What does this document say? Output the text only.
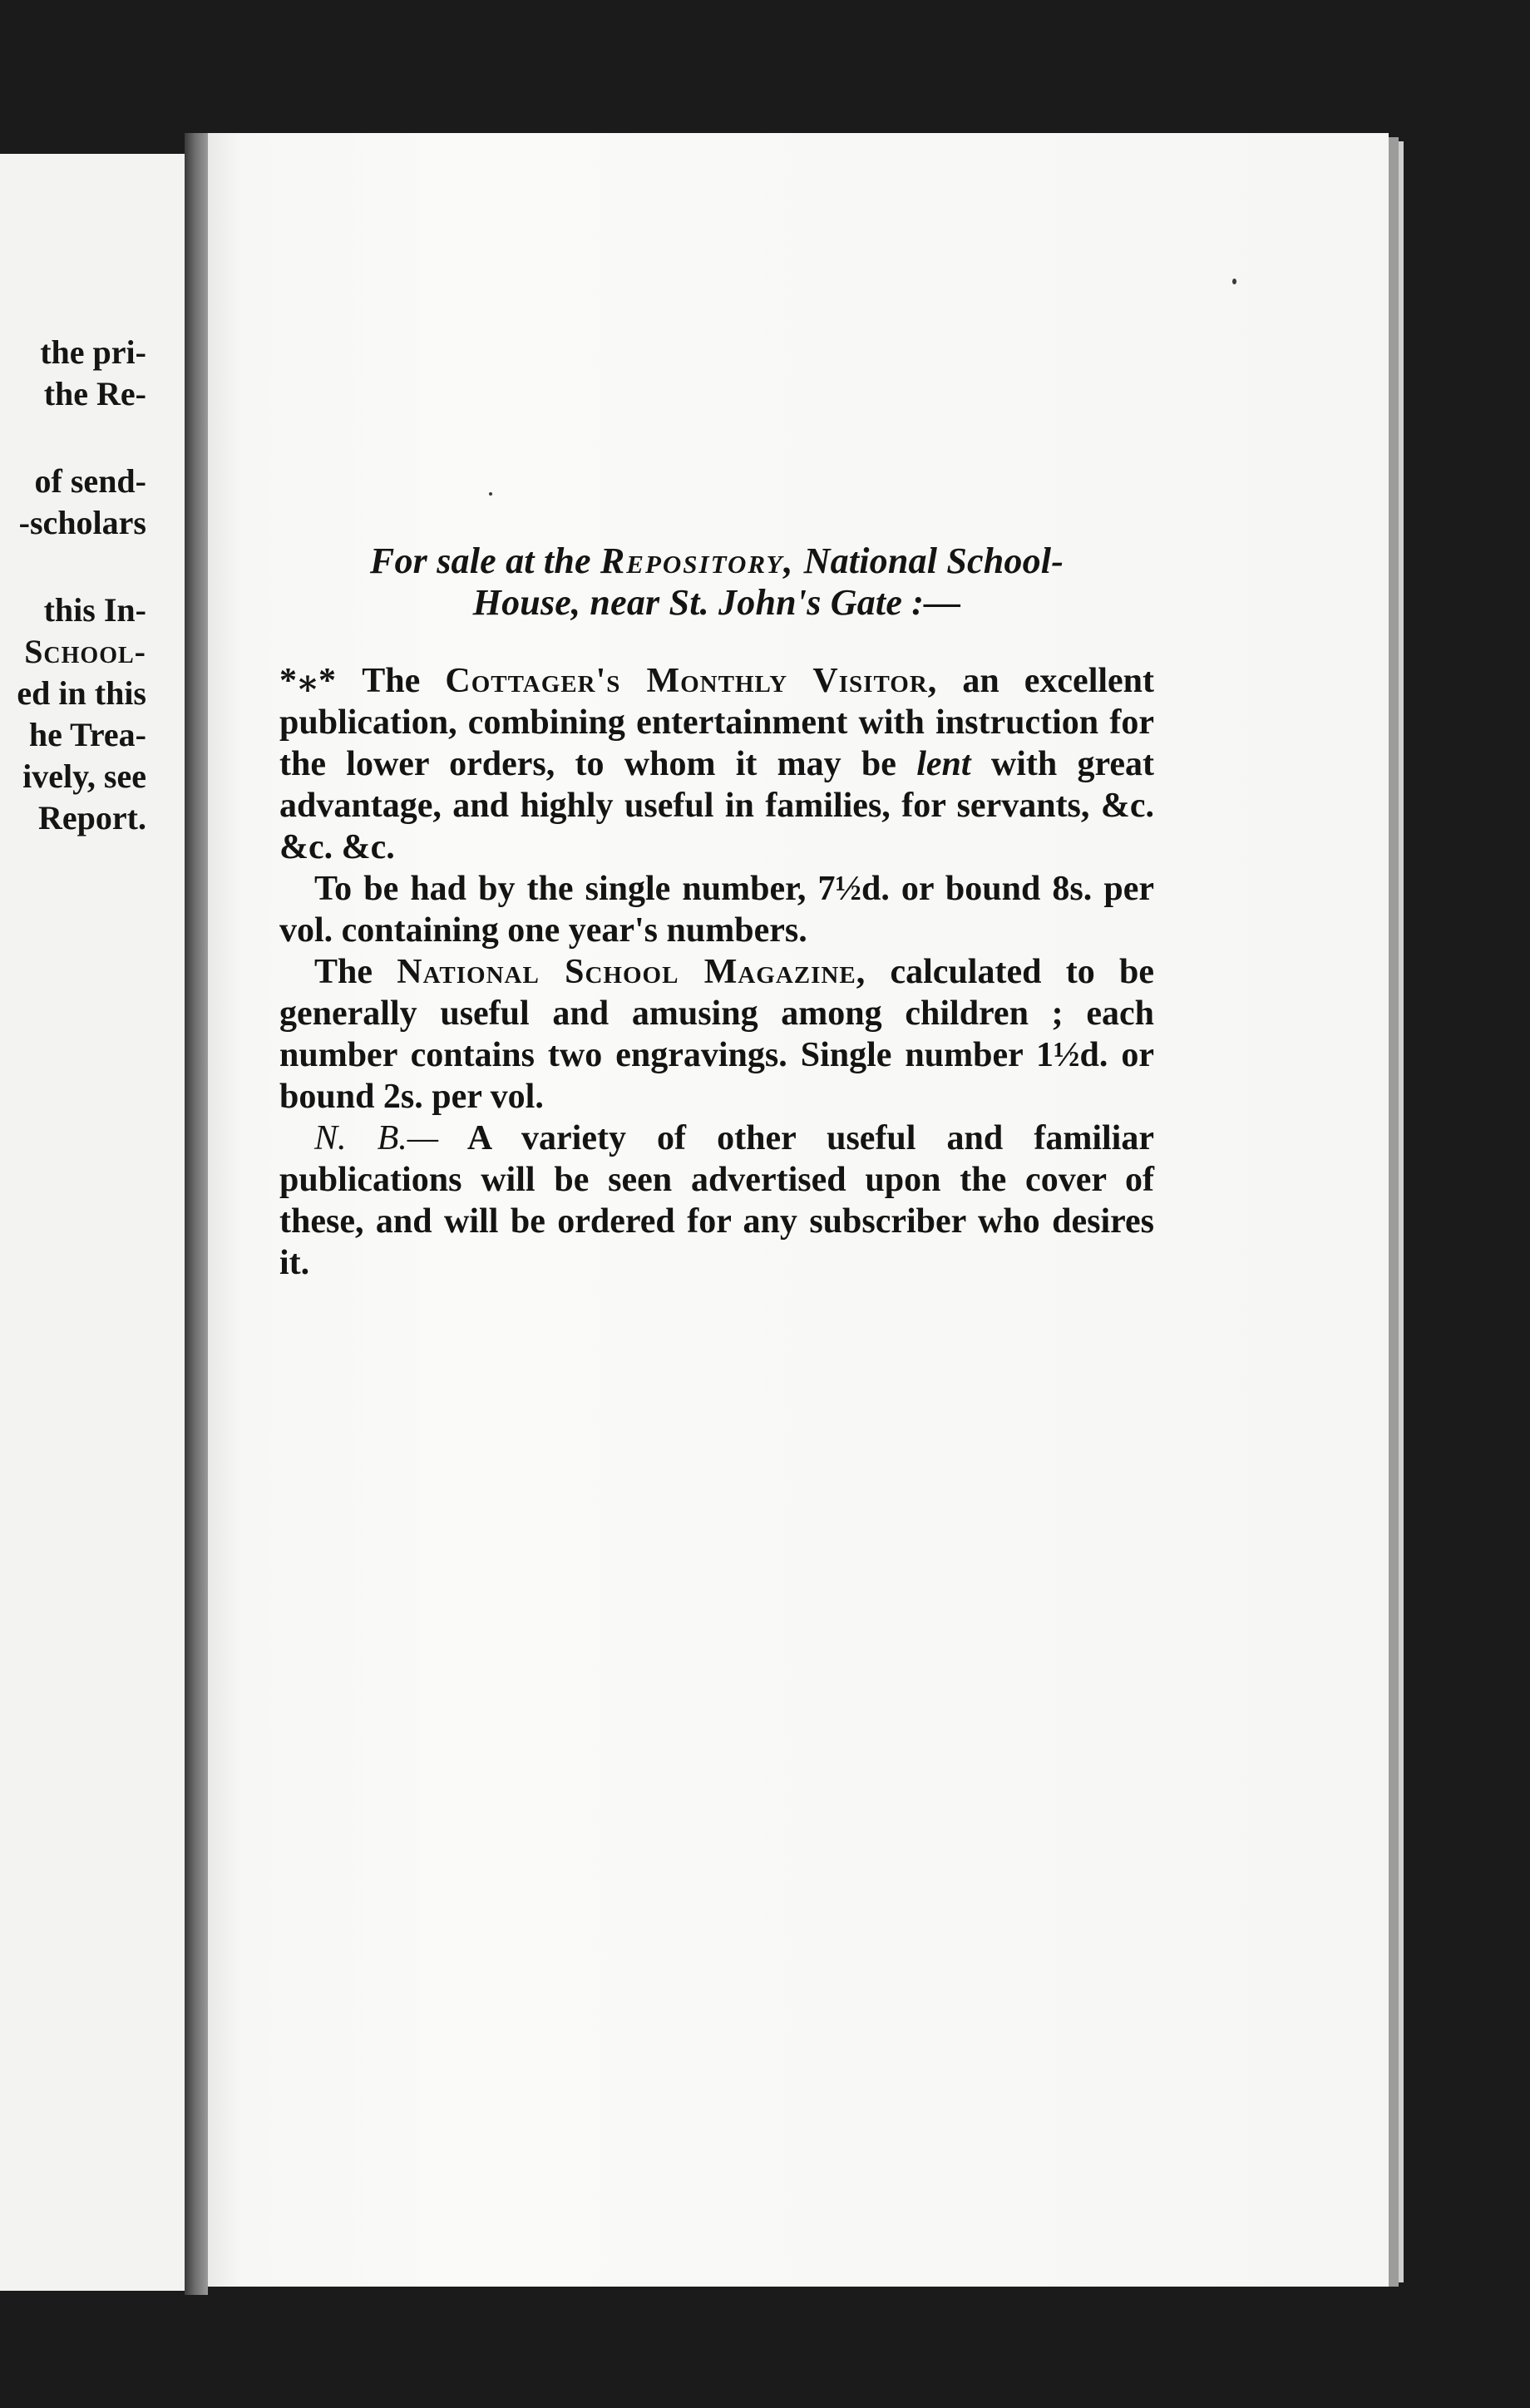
the pri-
the Re-
of send-
-scholars
this In-
School-
ed in this
he Trea-
ively, see
Report.
For sale at the Repository, National School-
House, near St. John's Gate :—

*⁎* The Cottager's Monthly Visitor, an excellent publication, combining entertainment with instruction for the lower orders, to whom it may be lent with great advantage, and highly useful in families, for servants, &c. &c. &c.

To be had by the single number, 7½d. or bound 8s. per vol. containing one year's numbers.

The National School Magazine, calculated to be generally useful and amusing among children ; each number contains two engravings. Single number 1½d. or bound 2s. per vol.

N. B.— A variety of other useful and familiar publications will be seen advertised upon the cover of these, and will be ordered for any subscriber who desires it.
